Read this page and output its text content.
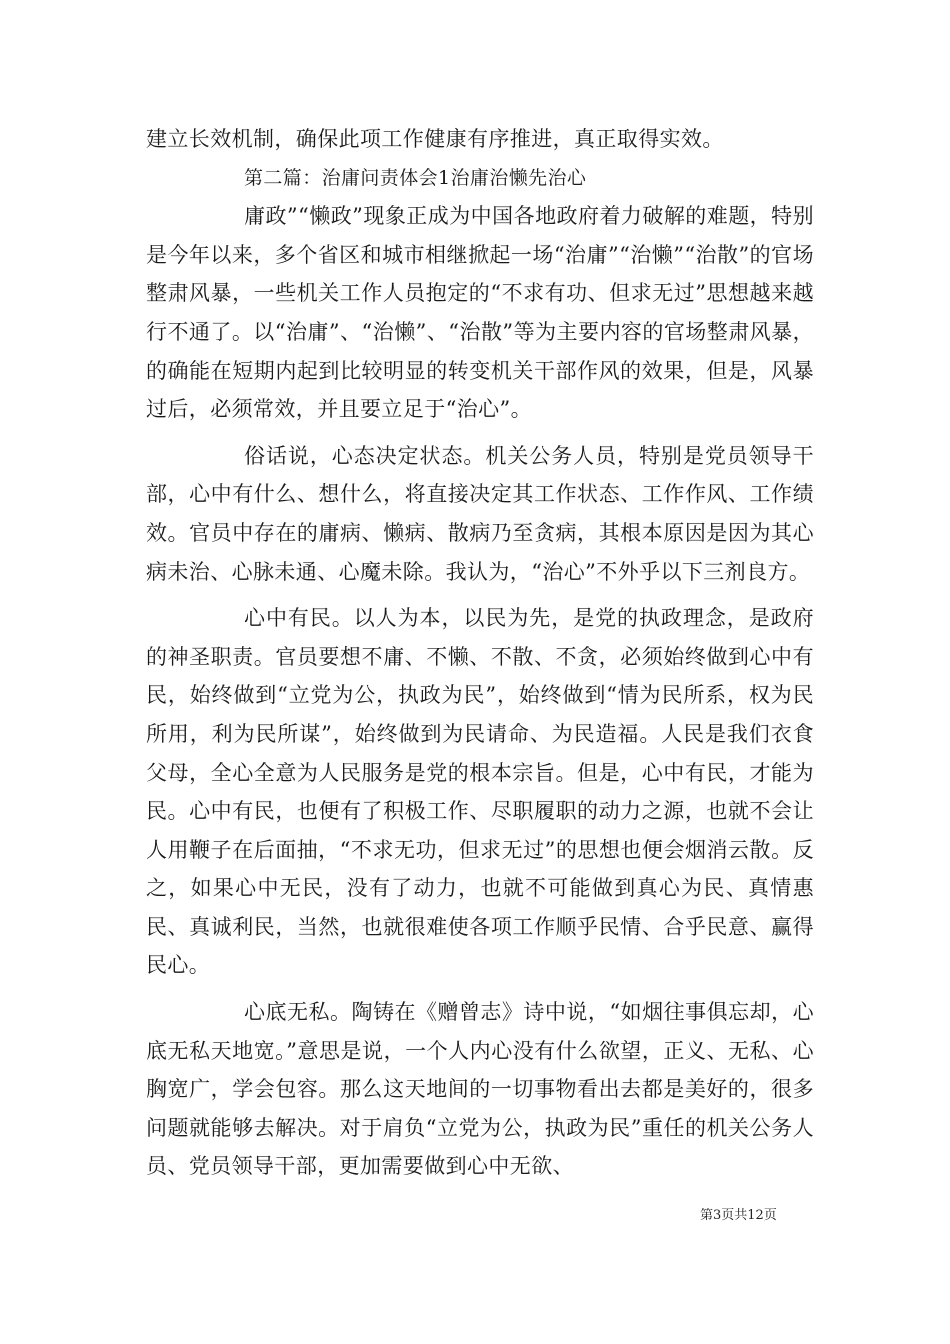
建立长效机制，确保此项工作健康有序推进，真正取得实效。

第二篇：治庸问责体会1治庸治懒先治心

庸政”“懒政”现象正成为中国各地政府着力破解的难题，特别是今年以来，多个省区和城市相继掀起一场“治庸”“治懒”“治散”的官场整肃风暴，一些机关工作人员抱定的“不求有功、但求无过”思想越来越行不通了。以“治庸”、“治懒”、“治散”等为主要内容的官场整肃风暴，的确能在短期内起到比较明显的转变机关干部作风的效果，但是，风暴过后，必须常效，并且要立足于“治心”。

俗话说，心态决定状态。机关公务人员，特别是党员领导干部，心中有什么、想什么，将直接决定其工作状态、工作作风、工作绩效。官员中存在的庸病、懒病、散病乃至贪病，其根本原因是因为其心病未治、心脉未通、心魔未除。我认为，“治心”不外乎以下三剂良方。

心中有民。以人为本，以民为先，是党的执政理念，是政府的神圣职责。官员要想不庸、不懒、不散、不贪，必须始终做到心中有民，始终做到“立党为公，执政为民”，始终做到“情为民所系，权为民所用，利为民所谋”，始终做到为民请命、为民造福。人民是我们衣食父母，全心全意为人民服务是党的根本宗旨。但是，心中有民，才能为民。心中有民，也便有了积极工作、尽职履职的动力之源，也就不会让人用鞭子在后面抽，“不求无功，但求无过”的思想也便会烟消云散。反之，如果心中无民，没有了动力，也就不可能做到真心为民、真情惠民、真诚利民，当然，也就很难使各项工作顺乎民情、合乎民意、赢得民心。

心底无私。陶铸在《赠曾志》诗中说，“如烟往事俱忘却，心底无私天地宽。”意思是说，一个人内心没有什么欲望，正义、无私、心胸宽广，学会包容。那么这天地间的一切事物看出去都是美好的，很多问题就能够去解决。对于肩负“立党为公，执政为民”重任的机关公务人员、党员领导干部，更加需要做到心中无欲、

第3页共12页
